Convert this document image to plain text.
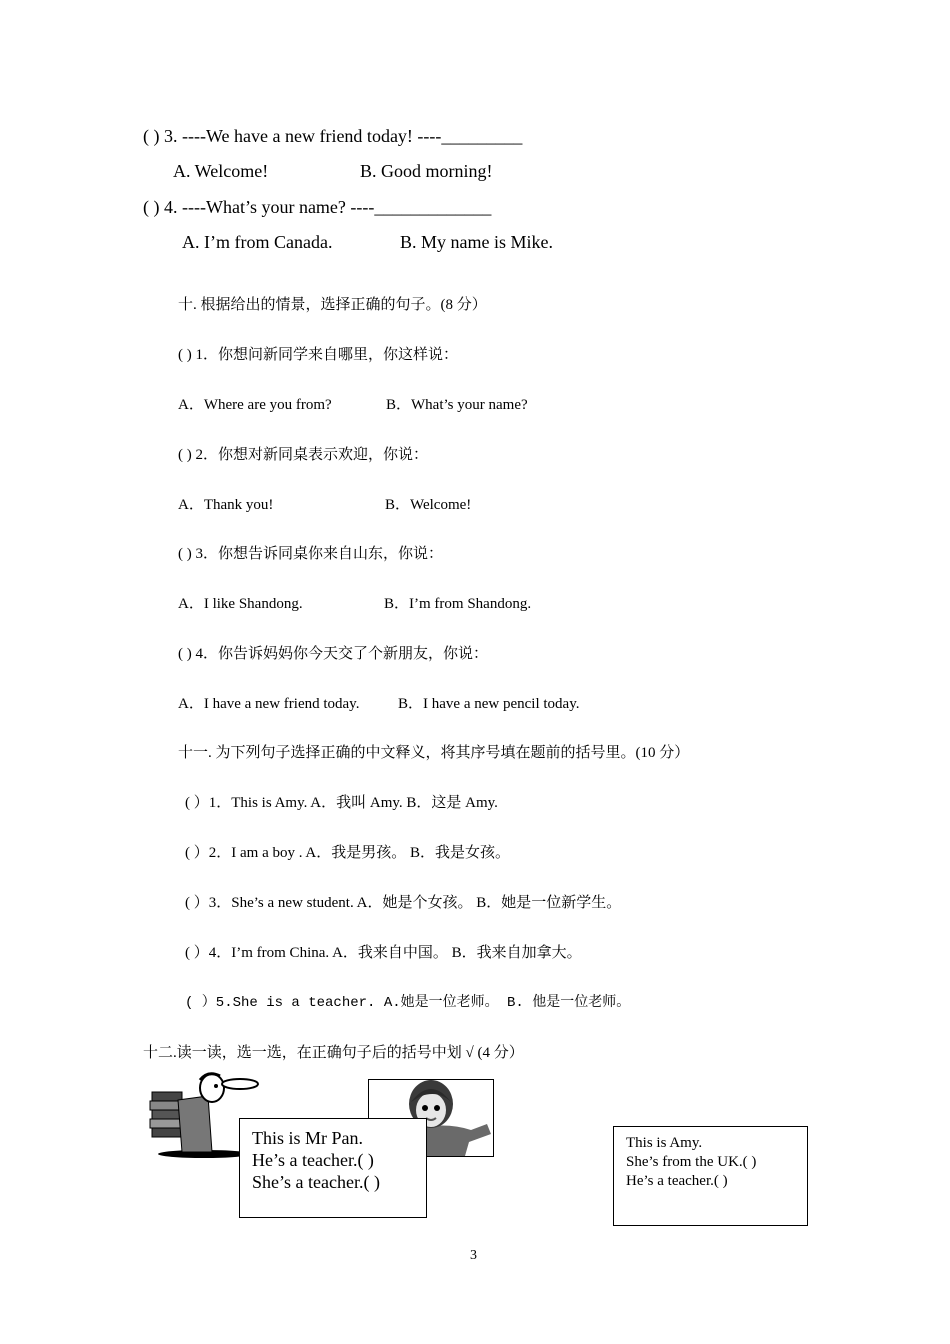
( ) 3. ----We have a new friend today! ----_________
A. Welcome!	B. Good morning!
( ) 4. ----What’s your name? ----_____________
A. I’m from Canada.	B. My name is Mike.
十. 根据给出的情景，选择正确的句子。(8 分）
( ) 1．你想问新同学来自哪里，你这样说：
A．Where are you from?	B．What’s your name?
( ) 2．你想对新同桌表示欢迎，你说：
A．Thank you!	B．Welcome!
( ) 3．你想告诉同桌你来自山东，你说：
A．I like Shandong.	B．I’m from Shandong.
( ) 4．你告诉妈妈你今天交了个新朋友，你说：
A．I have a new friend today.	B．I have a new pencil today.
十一. 为下列句子选择正确的中文释义，将其序号填在题前的括号里。(10 分）
( ）1．This is Amy. A．我叫 Amy. B．这是 Amy.
( ）2．I am a boy . A．我是男孩。 B．我是女孩。
( ）3．She’s a new student. A．她是个女孩。 B．她是一位新学生。
( ）4．I’m from China. A．我来自中国。 B．我来自加拿大。
( ）5.She is a teacher. A.她是一位老师。 B. 他是一位老师。
十二.读一读，选一选，在正确句子后的括号中划 √ (4 分）
This is Mr Pan.
He’s a teacher.( )
She’s a teacher.( )
This is Amy.
She’s from the UK.( )
He’s a teacher.( )
3
